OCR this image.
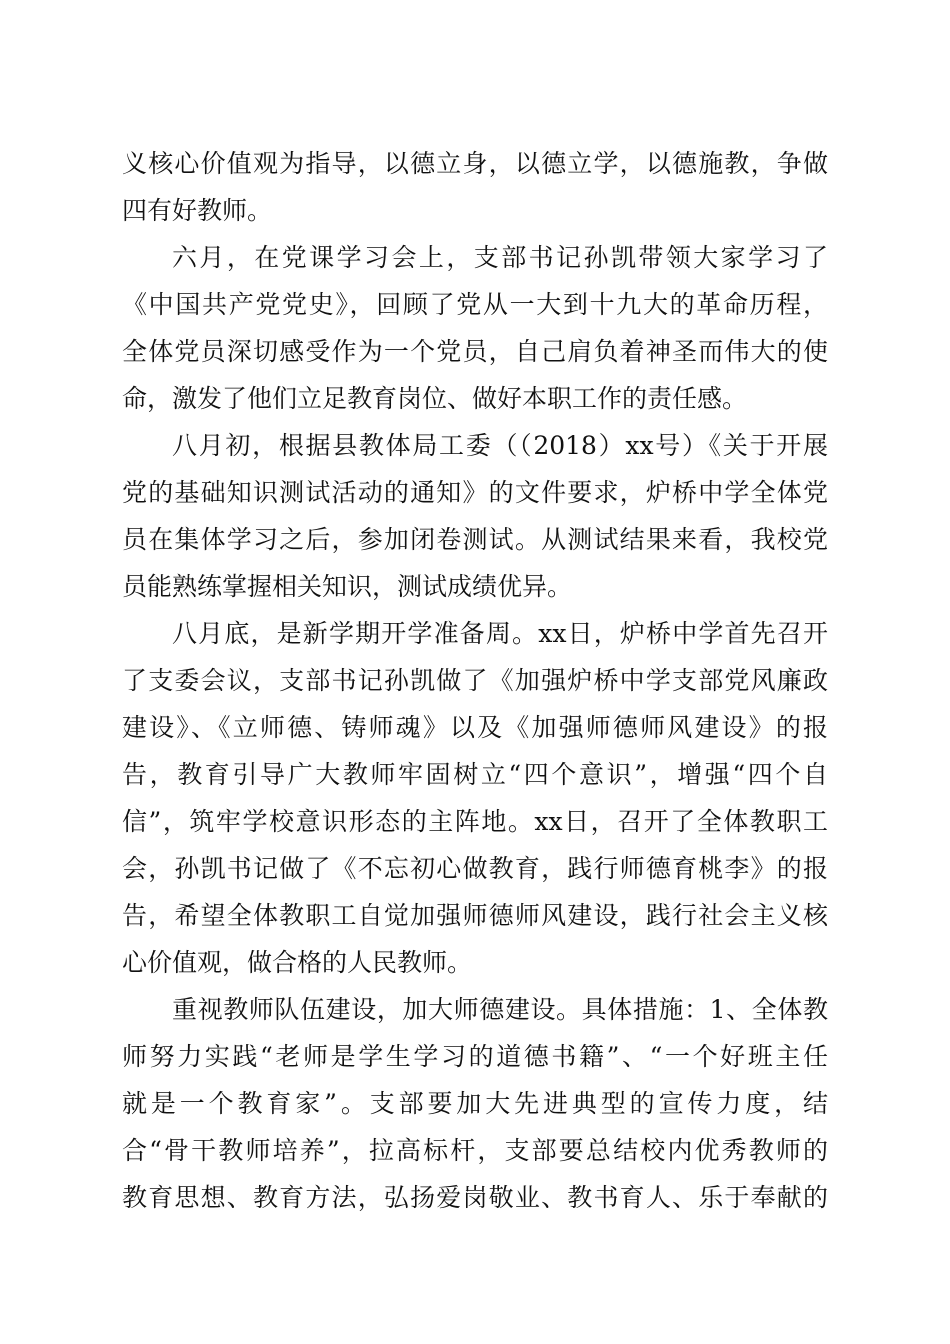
义核心价值观为指导，以德立身，以德立学，以德施教，争做
四有好教师。
六月，在党课学习会上，支部书记孙凯带领大家学习了
《中国共产党党史》，回顾了党从一大到十九大的革命历程，
全体党员深切感受作为一个党员，自己肩负着神圣而伟大的使
命，激发了他们立足教育岗位、做好本职工作的责任感。
八月初，根据县教体局工委（（2018）xx号）《关于开展
党的基础知识测试活动的通知》的文件要求，炉桥中学全体党
员在集体学习之后，参加闭卷测试。从测试结果来看，我校党
员能熟练掌握相关知识，测试成绩优异。
八月底，是新学期开学准备周。xx日，炉桥中学首先召开
了支委会议，支部书记孙凯做了《加强炉桥中学支部党风廉政
建设》、《立师德、铸师魂》以及《加强师德师风建设》的报
告，教育引导广大教师牢固树立“四个意识”，增强“四个自
信”，筑牢学校意识形态的主阵地。xx日，召开了全体教职工
会，孙凯书记做了《不忘初心做教育，践行师德育桃李》的报
告，希望全体教职工自觉加强师德师风建设，践行社会主义核
心价值观，做合格的人民教师。
重视教师队伍建设，加大师德建设。具体措施：1、全体教
师努力实践“老师是学生学习的道德书籍”、“一个好班主任
就是一个教育家”。支部要加大先进典型的宣传力度，结
合“骨干教师培养”，拉高标杆，支部要总结校内优秀教师的
教育思想、教育方法，弘扬爱岗敬业、教书育人、乐于奉献的
